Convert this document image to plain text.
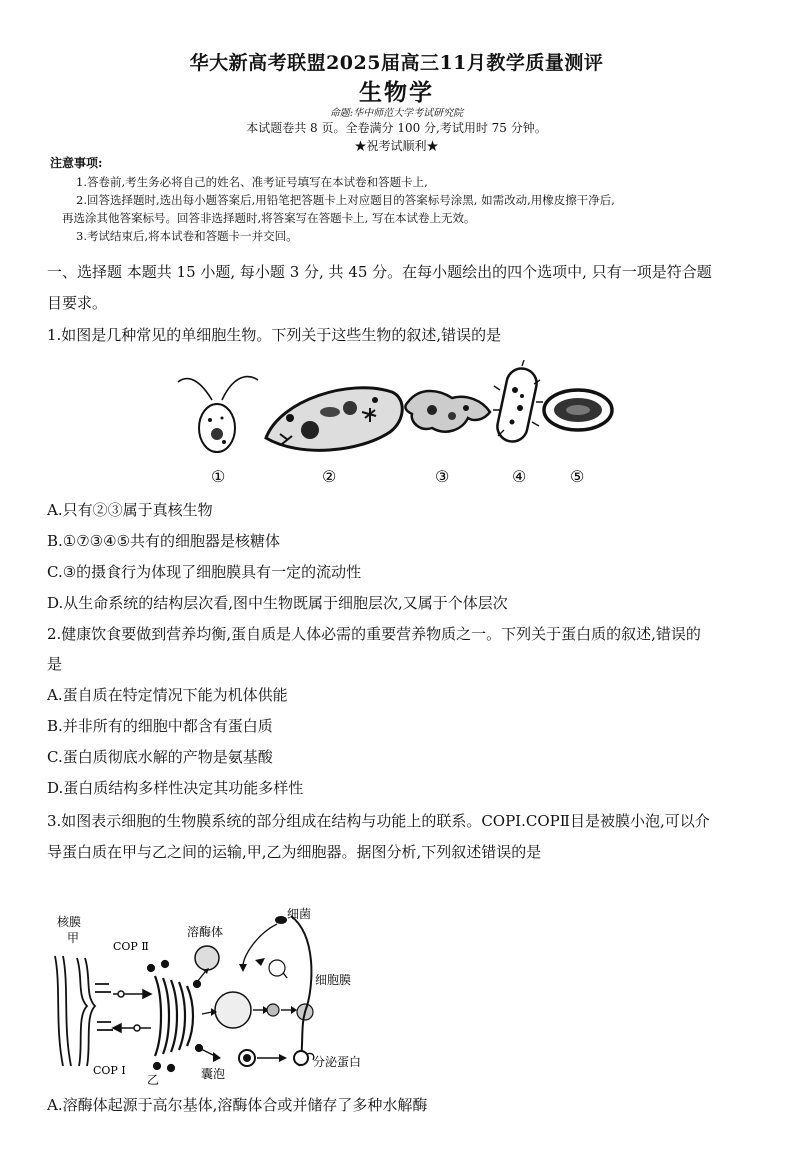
华大新高考联盟2025届高三11月教学质量测评
生物学
命题:华中师范大学考试研究院
本试题卷共 8 页。全卷满分 100 分,考试用时 75 分钟。
★祝考试顺利★
注意事项:
1.答卷前,考生务必将自己的姓名、准考证号填写在本试卷和答题卡上,
2.回答选择题时,选出每小题答案后,用铅笔把答题卡上对应题目的答案标号涂黑, 如需改动,用橡皮擦干净后,
再选涂其他答案标号。回答非选择题时,将答案写在答题卡上, 写在本试卷上无效。
3.考试结束后,将本试卷和答题卡一并交回。
一、选择题 本题共 15 小题, 每小题 3 分, 共 45 分。在每小题绘出的四个选项中, 只有一项是符合题
目要求。
1.如图是几种常见的单细胞生物。下列关于这些生物的叙述,错误的是
①	②	③	④	⑤
A.只有②③属于真核生物
B.①⑦③④⑤共有的细胞器是核糖体
C.③的摄食行为体现了细胞膜具有一定的流动性
D.从生命系统的结构层次看,图中生物既属于细胞层次,又属于个体层次
2.健康饮食要做到营养均衡,蛋自质是人体必需的重要营养物质之一。下列关于蛋白质的叙述,错误的
是
A.蛋自质在特定情况下能为机体供能
B.并非所有的细胞中都含有蛋白质
C.蛋白质彻底水解的产物是氨基酸
D.蛋白质结构多样性决定其功能多样性
3.如图表示细胞的生物膜系统的部分组成在结构与功能上的联系。COPI.COPⅡ目是被膜小泡,可以介
导蛋白质在甲与乙之间的运输,甲,乙为细胞器。据图分析,下列叙述错误的是
核膜
甲
COP Ⅱ
COP Ⅰ
乙
溶酶体
细菌
细胞膜
囊泡
分泌蛋白
A.溶酶体起源于高尔基体,溶酶体合或并储存了多种水解酶
